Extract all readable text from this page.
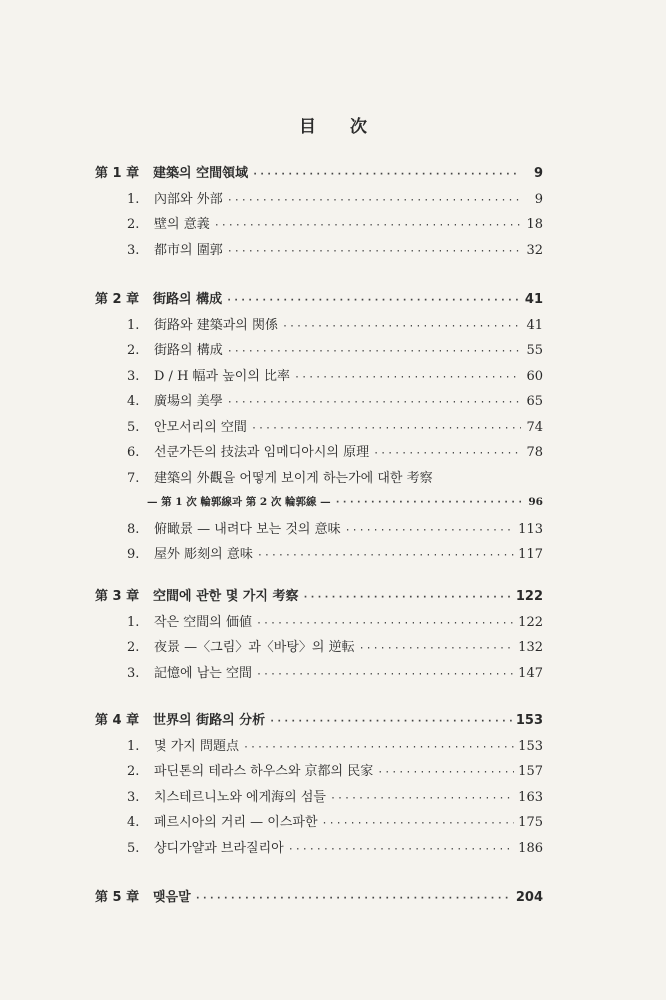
目 次
第 1 章	建築의 空間領域 ·····	9
1.	內部와 外部 ·····	9
2.	壁의 意義 ·····	18
3.	都市의 圍郭 ·····	32
第 2 章	街路의 構成 ·····	41
1.	街路와 建築과의 関係 ·····	41
2.	街路의 構成 ·····	55
3.	D / H 幅과 높이의 比率 ·····	60
4.	廣場의 美學 ·····	65
5.	안모서리의 空間 ·····	74
6.	선쿤가든의 技法과 임메디아시의 原理 ·····	78
7.	建築의 外觀을 어떻게 보이게 하는가에 대한 考察
— 第 1 次 輪郭線과 第 2 次 輪郭線 — ·····	96
8.	俯瞰景 — 내려다 보는 것의 意味 ·····	113
9.	屋外 彫刻의 意味 ·····	117
第 3 章	空間에 관한 몇 가지 考察 ·····	122
1.	작은 空間의 価値 ·····	122
2.	夜景 —〈그림〉과〈바탕〉의 逆転 ·····	132
3.	記憶에 남는 空間 ·····	147
第 4 章	世界의 街路의 分析 ·····	153
1.	몇 가지 問題点 ·····	153
2.	파딘톤의 테라스 하우스와 京都의 民家 ·····	157
3.	치스테르니노와 에게海의 섬들 ·····	163
4.	페르시아의 거리 — 이스파한 ·····	175
5.	샹디가얄과 브라질리아 ·····	186
第 5 章	맺음말 ·····	204
